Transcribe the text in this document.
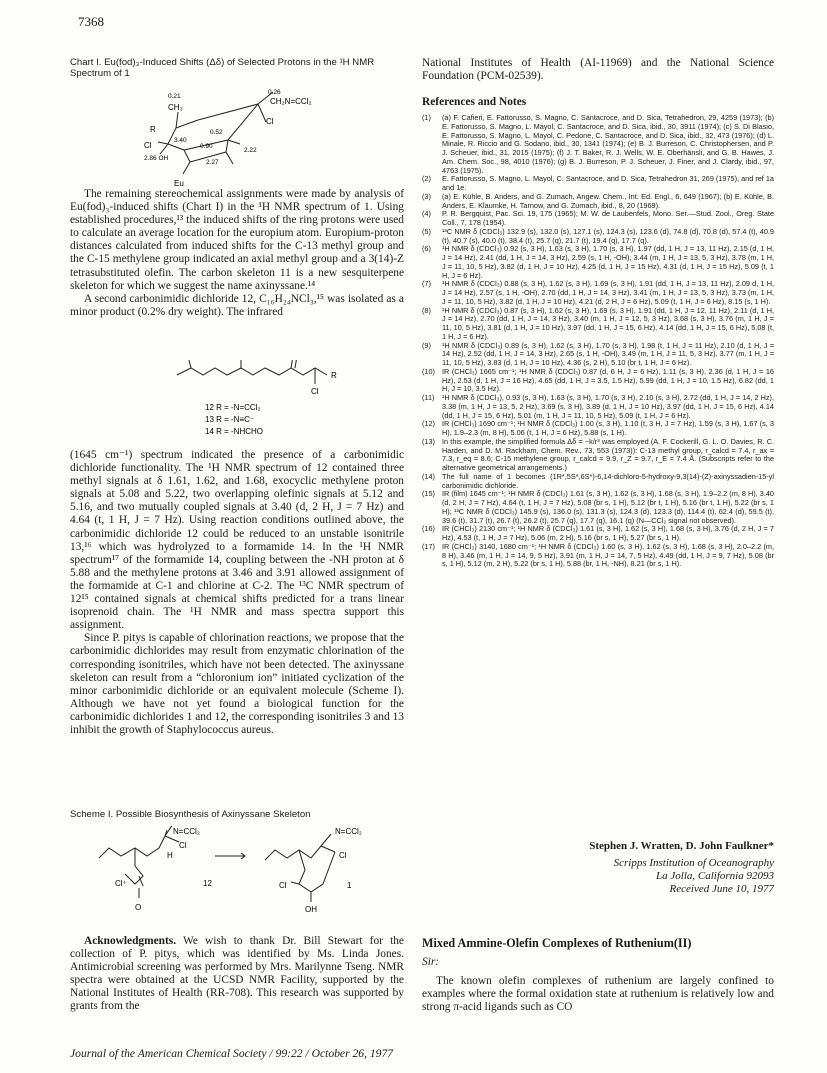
7368
Chart I. Eu(fod)₃-Induced Shifts (Δδ) of Selected Protons in the ¹H NMR Spectrum of 1
0.21
0.26
CH₃
CH₂N=CCl₂
Cl
R
3.40
0.52
0.90
2.22
Cl
2.86 OH
2.27
Eu

The remaining stereochemical assignments were made by analysis of Eu(fod)₃-induced shifts (Chart I) in the ¹H NMR spectrum of 1. Using established procedures,¹³ the induced shifts of the ring protons were used to calculate an average location for the europium atom. Europium-proton distances calculated from induced shifts for the C-13 methyl group and the C-15 methylene group indicated an axial methyl group and a 3(14)-Z tetrasubstituted olefin. The carbon skeleton 11 is a new sesquiterpene skeleton for which we suggest the name axinyssane.¹⁴

A second carbonimidic dichloride 12, C₁₆H₂₄NCl₃,¹⁵ was isolated as a minor product (0.2% dry weight). The infrared

R
Cl
12 R = -N=CCl₂
13 R = -N≡C⁻
14 R = -NHCHO

(1645 cm⁻¹) spectrum indicated the presence of a carbonimidic dichloride functionality. The ¹H NMR spectrum of 12 contained three methyl signals at δ 1.61, 1.62, and 1.68, exocyclic methylene proton signals at 5.08 and 5.22, two overlapping olefinic signals at 5.12 and 5.16, and two mutually coupled signals at 3.40 (d, 2 H, J = 7 Hz) and 4.64 (t, 1 H, J = 7 Hz). Using reaction conditions outlined above, the carbonimidic dichloride 12 could be reduced to an unstable isonitrile 13,¹⁶ which was hydrolyzed to a formamide 14. In the ¹H NMR spectrum¹⁷ of the formamide 14, coupling between the -NH proton at δ 5.88 and the methylene protons at 3.46 and 3.91 allowed assignment of the formamide at C-1 and chlorine at C-2. The ¹³C NMR spectrum of 12¹⁵ contained signals at chemical shifts predicted for a trans linear isoprenoid chain. The ¹H NMR and mass spectra support this assignment.

Since P. pitys is capable of chlorination reactions, we propose that the carbonimidic dichlorides may result from enzymatic chlorination of the corresponding isonitriles, which have not been detected. The axinyssane skeleton can result from a “chloronium ion” initiated cyclization of the minor carbonimidic dichloride or an equivalent molecule (Scheme I). Although we have not yet found a biological function for the carbonimidic dichlorides 1 and 12, the corresponding isonitriles 3 and 13 inhibit the growth of Staphylococcus aureus.

Scheme I. Possible Biosynthesis of Axinyssane Skeleton
N=CCl₂
Cl
H
Cl⁺	12
O
N=CCl₂
Cl
Cl
OH
1

Acknowledgments. We wish to thank Dr. Bill Stewart for the collection of P. pitys, which was identified by Ms. Linda Jones. Antimicrobial screening was performed by Mrs. Marilynne Tseng. NMR spectra were obtained at the UCSD NMR Facility, supported by the National Institutes of Health (RR-708). This research was supported by grants from the

National Institutes of Health (AI-11969) and the National Science Foundation (PCM-02539).

References and Notes
(1)	(a) F. Cafieri, E. Fattorusso, S. Magno, C. Santacroce, and D. Sica, Tetrahedron, 29, 4259 (1973); (b) E. Fattorusso, S. Magno, L. Mayol, C. Santacroce, and D. Sica, ibid., 30, 3911 (1974); (c) S. Di Blasio, E. Fattorusso, S. Magno, L. Mayol, C. Pedone, C. Santacroce, and D. Sica, ibid., 32, 473 (1976); (d) L. Minale, R. Riccio and G. Sodano, ibid., 30, 1341 (1974); (e) B. J. Burreson, C. Christophersen, and P. J. Scheuer, ibid., 31, 2015 (1975); (f) J. T. Baker, R. J. Wells, W. E. Oberhänsli, and G. B. Hawes, J. Am. Chem. Soc., 98, 4010 (1976); (g) B. J. Burreson, P. J. Scheuer, J. Finer, and J. Clardy, ibid., 97, 4763 (1975).
(2)	E. Fattorusso, S. Magno, L. Mayol, C. Santacroce, and D. Sica, Tetrahedron 31, 269 (1975), and ref 1a and 1e.
(3)	(a) E. Kühle, B. Anders, and G. Zumach, Angew. Chem., Int. Ed. Engl., 6, 649 (1967); (b) E. Kühle, B. Anders, E. Klaumke, H. Tarnow, and G. Zumach, ibid., 8, 20 (1969).
(4)	P. R. Bergquist, Pac. Sci. 19, 175 (1965); M. W. de Laubenfels, Mono. Ser.—Stud. Zool., Oreg. State Coll., 7, 178 (1954).
(5)	¹³C NMR δ (CDCl₃) 132.9 (s), 132.0 (s), 127.1 (s), 124.3 (s), 123.6 (d), 74.8 (d), 70.8 (d), 57.4 (t), 40.9 (t), 40.7 (s), 40.0 (t), 38.4 (t), 25.7 (q), 21.7 (t), 19.4 (q), 17.7 (q).
(6)	¹H NMR δ (CDCl₃) 0.92 (s, 3 H), 1.63 (s, 3 H), 1.70 (s, 3 H), 1.97 (dd, 1 H, J = 13, 11 Hz), 2.15 (d, 1 H, J = 14 Hz), 2.41 (dd, 1 H, J = 14, 3 Hz), 2.59 (s, 1 H, -OH), 3.44 (m, 1 H, J = 13, 5, 3 Hz), 3.78 (m, 1 H, J = 11, 10, 5 Hz), 3.82 (d, 1 H, J = 10 Hz), 4.25 (d, 1 H, J = 15 Hz), 4.31 (d, 1 H, J = 15 Hz), 5.09 (t, 1 H, J = 6 Hz).
(7)	¹H NMR δ (CDCl₃) 0.88 (s, 3 H), 1.62 (s, 3 H), 1.69 (s, 3 H), 1.91 (dd, 1 H, J = 13, 11 Hz), 2.09 d, 1 H, J = 14 Hz), 2.57 (s, 1 H, -OH), 2.70 (dd, 1 H, J = 14, 3 Hz), 3.41 (m, 1 H, J = 13, 5, 3 Hz), 3.73 (m, 1 H, J = 11, 10, 5 Hz), 3.82 (d, 1 H, J = 10 Hz), 4.21 (d, 2 H, J = 6 Hz), 5.09 (t, 1 H, J = 6 Hz), 8.15 (s, 1 H).
(8)	¹H NMR δ (CDCl₃) 0.87 (s, 3 H), 1.62 (s, 3 H), 1.69 (s, 3 H), 1.91 (dd, 1 H, J = 12, 11 Hz), 2.11 (d, 1 H, J = 14 Hz), 2.70 (dd, 1 H, J = 14, 3 Hz), 3.40 (m, 1 H, J = 12, 5, 3 Hz), 3.68 (s, 3 H), 3.76 (m, 1 H, J = 11, 10, 5 Hz), 3.81 (d, 1 H, J = 10 Hz), 3.97 (dd, 1 H, J = 15, 6 Hz), 4.14 (dd, 1 H, J = 15, 6 Hz), 5.08 (t, 1 H, J = 6 Hz).
(9)	¹H NMR δ (CDCl₃) 0.89 (s, 3 H), 1.62 (s, 3 H), 1.70 (s, 3 H), 1.98 (t, 1 H, J = 11 Hz), 2.10 (d, 1 H, J = 14 Hz), 2.52 (dd, 1 H, J = 14, 3 Hz), 2.65 (s, 1 H, -OH), 3.49 (m, 1 H, J = 11, 5, 3 Hz), 3.77 (m, 1 H, J = 11, 10, 5 Hz), 3.83 (d, 1 H, J = 10 Hz), 4.36 (s, 2 H), 5.10 (br t, 1 H, J = 6 Hz).
(10) IR (CHCl₃) 1665 cm⁻¹; ¹H NMR δ (CDCl₃) 0.87 (d, 6 H, J = 6 Hz), 1.11 (s, 3 H), 2.36 (d, 1 H, J = 16 Hz), 2.53 (d, 1 H, J = 16 Hz), 4.65 (dd, 1 H, J = 3.5, 1.5 Hz), 5.99 (dd, 1 H, J = 10, 1.5 Hz), 6.82 (dd, 1 H, J = 10, 3.5 Hz).
(11)	¹H NMR δ (CDCl₃), 0.93 (s, 3 H), 1.63 (s, 3 H), 1.70 (s, 3 H), 2.10 (s, 3 H), 2.72 (dd, 1 H, J = 14, 2 Hz), 3.38 (m, 1 H, J = 13, 5, 2 Hz), 3.69 (s, 3 H), 3.89 (d, 1 H, J = 10 Hz), 3.97 (dd, 1 H, J = 15, 6 Hz), 4.14 (dd, 1 H, J = 15, 6 Hz), 5.01 (m, 1 H, J = 11, 10, 5 Hz), 5.09 (t, 1 H, J = 6 Hz).
(12) IR (CHCl₃) 1690 cm⁻¹; ¹H NMR δ (CDCl₃) 1.00 (s, 3 H), 1.10 (t, 3 H, J = 7 Hz), 1.59 (s, 3 H), 1.67 (s, 3 H), 1.9–2.3 (m, 8 H), 5.06 (t, 1 H, J = 6 Hz), 5.88 (s, 1 H).
(13) In this example, the simplified formula Δδ = −k/r³ was employed (A. F. Cockerill, G. L. O. Davies, R. C. Harden, and D. M. Rackham, Chem. Rev., 73, 553 (1973)): C-13 methyl group, r_calcd = 7.4, r_ax = 7.3, r_eq = 8.6; C-15 methylene group, r_calcd = 9.9, r_Z = 9.7, r_E = 7.4 Å. (Subscripts refer to the alternative geometrical arrangements.)
(14) The full name of 1 becomes (1R*,5S*,6S*)-6,14-dichloro-5-hydroxy-9,3(14)-(Z)-axinyssadien-15-yl carbonimidic dichloride.
(15) IR (film) 1645 cm⁻¹; ¹H NMR δ (CDCl₃) 1.61 (s, 3 H), 1.62 (s, 3 H), 1.68 (s, 3 H), 1.9–2.2 (m, 8 H), 3.40 (d, 2 H, J = 7 Hz), 4.64 (t, 1 H, J = 7 Hz), 5.08 (br s, 1 H), 5.12 (br t, 1 H), 5.16 (br t, 1 H), 5.22 (br s, 1 H); ¹³C NMR δ (CDCl₃) 145.9 (s), 136.0 (s), 131.3 (s), 124.3 (d), 123.3 (d), 114.4 (t), 62.4 (d), 59.5 (t), 39.6 (t), 31.7 (t), 26.7 (t), 26.2 (t), 25.7 (q), 17.7 (q), 16.1 (q) (N—CCl₂ signal not observed).
(16) IR (CHCl₃) 2130 cm⁻¹; ¹H NMR δ (CDCl₃) 1.61 (s, 3 H), 1.62 (s, 3 H), 1.68 (s, 3 H), 3.76 (d, 2 H, J = 7 Hz), 4.53 (t, 1 H, J = 7 Hz), 5.06 (m, 2 H), 5.16 (br s, 1 H), 5.27 (br s, 1 H).
(17) IR (CHCl₃) 3140, 1680 cm⁻¹; ¹H NMR δ (CDCl₃) 1.60 (s, 3 H), 1.62 (s, 3 H), 1.68 (s, 3 H), 2.0–2.2 (m, 8 H), 3.46 (m, 1 H, J = 14, 9, 5 Hz), 3.91 (m, 1 H, J = 14, 7, 5 Hz), 4.49 (dd, 1 H, J = 9, 7 Hz), 5.08 (br s, 1 H), 5.12 (m, 2 H), 5.22 (br s, 1 H), 5.88 (br, 1 H, -NH), 8.21 (br s, 1 H).
Stephen J. Wratten, D. John Faulkner*
Scripps Institution of Oceanography
La Jolla, California 92093
Received June 10, 1977
Mixed Ammine-Olefin Complexes of Ruthenium(II)
Sir:

The known olefin complexes of ruthenium are largely confined to examples where the formal oxidation state at ruthenium is relatively low and strong π-acid ligands such as CO

Journal of the American Chemical Society / 99:22 / October 26, 1977
